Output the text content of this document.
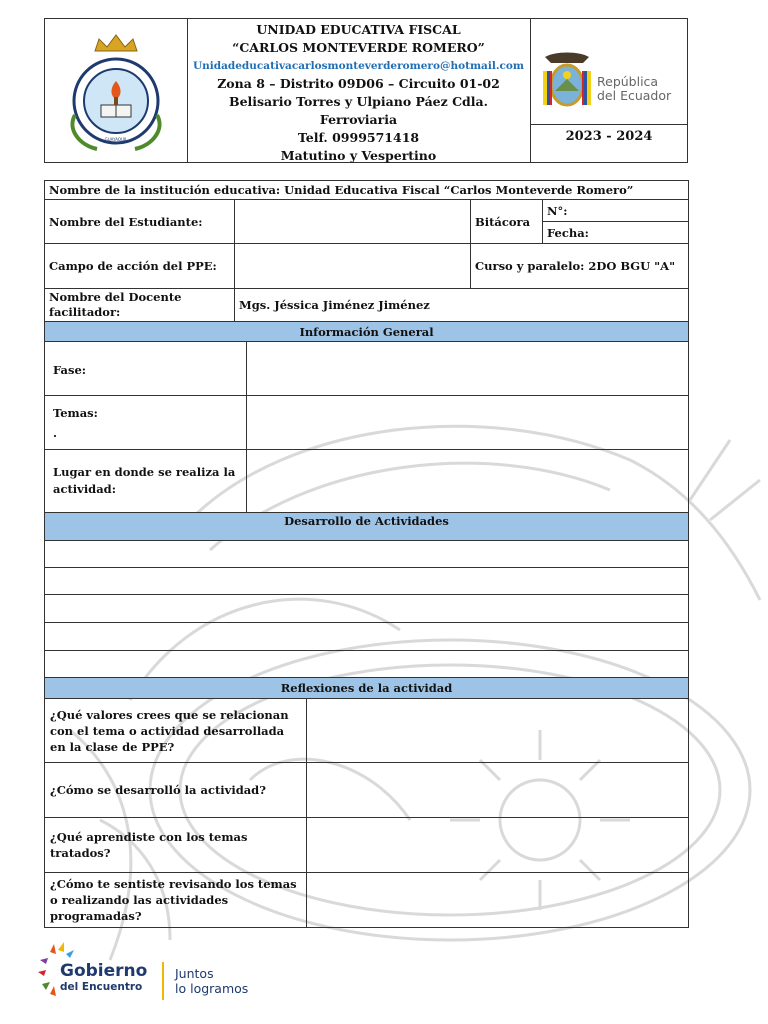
GUAYAQUIL
UNIDAD EDUCATIVA FISCAL
“CARLOS MONTEVERDE ROMERO”
Unidadeducativacarlosmonteverderomero@hotmail.com
Zona 8 – Distrito 09D06 – Circuito 01-02
Belisario Torres y Ulpiano Páez Cdla.
Ferroviaria
Telf. 0999571418
Matutino y Vespertino
República
del Ecuador
2023 - 2024
Nombre de la institución educativa: Unidad Educativa Fiscal “Carlos Monteverde Romero”					
Nombre del Estudiante:				Bitácora	N°:
					Fecha:
Campo de acción del PPE:				Curso y paralelo: 2DO BGU "A"	
Nombre del Docente facilitador:	Mgs. Jéssica Jiménez Jiménez				
Información General					
Fase:					

Temas:
.					

Lugar en donde se realiza la actividad:					
Desarrollo de Actividades					

Reflexiones de la actividad					
¿Qué valores crees que se relacionan con el tema o actividad desarrollada en la clase de PPE?					
¿Cómo se desarrolló la actividad?					
¿Qué aprendiste con los temas tratados?					
¿Cómo te sentiste revisando los temas o realizando las actividades programadas?					
Gobierno
del Encuentro
Juntos
lo logramos
